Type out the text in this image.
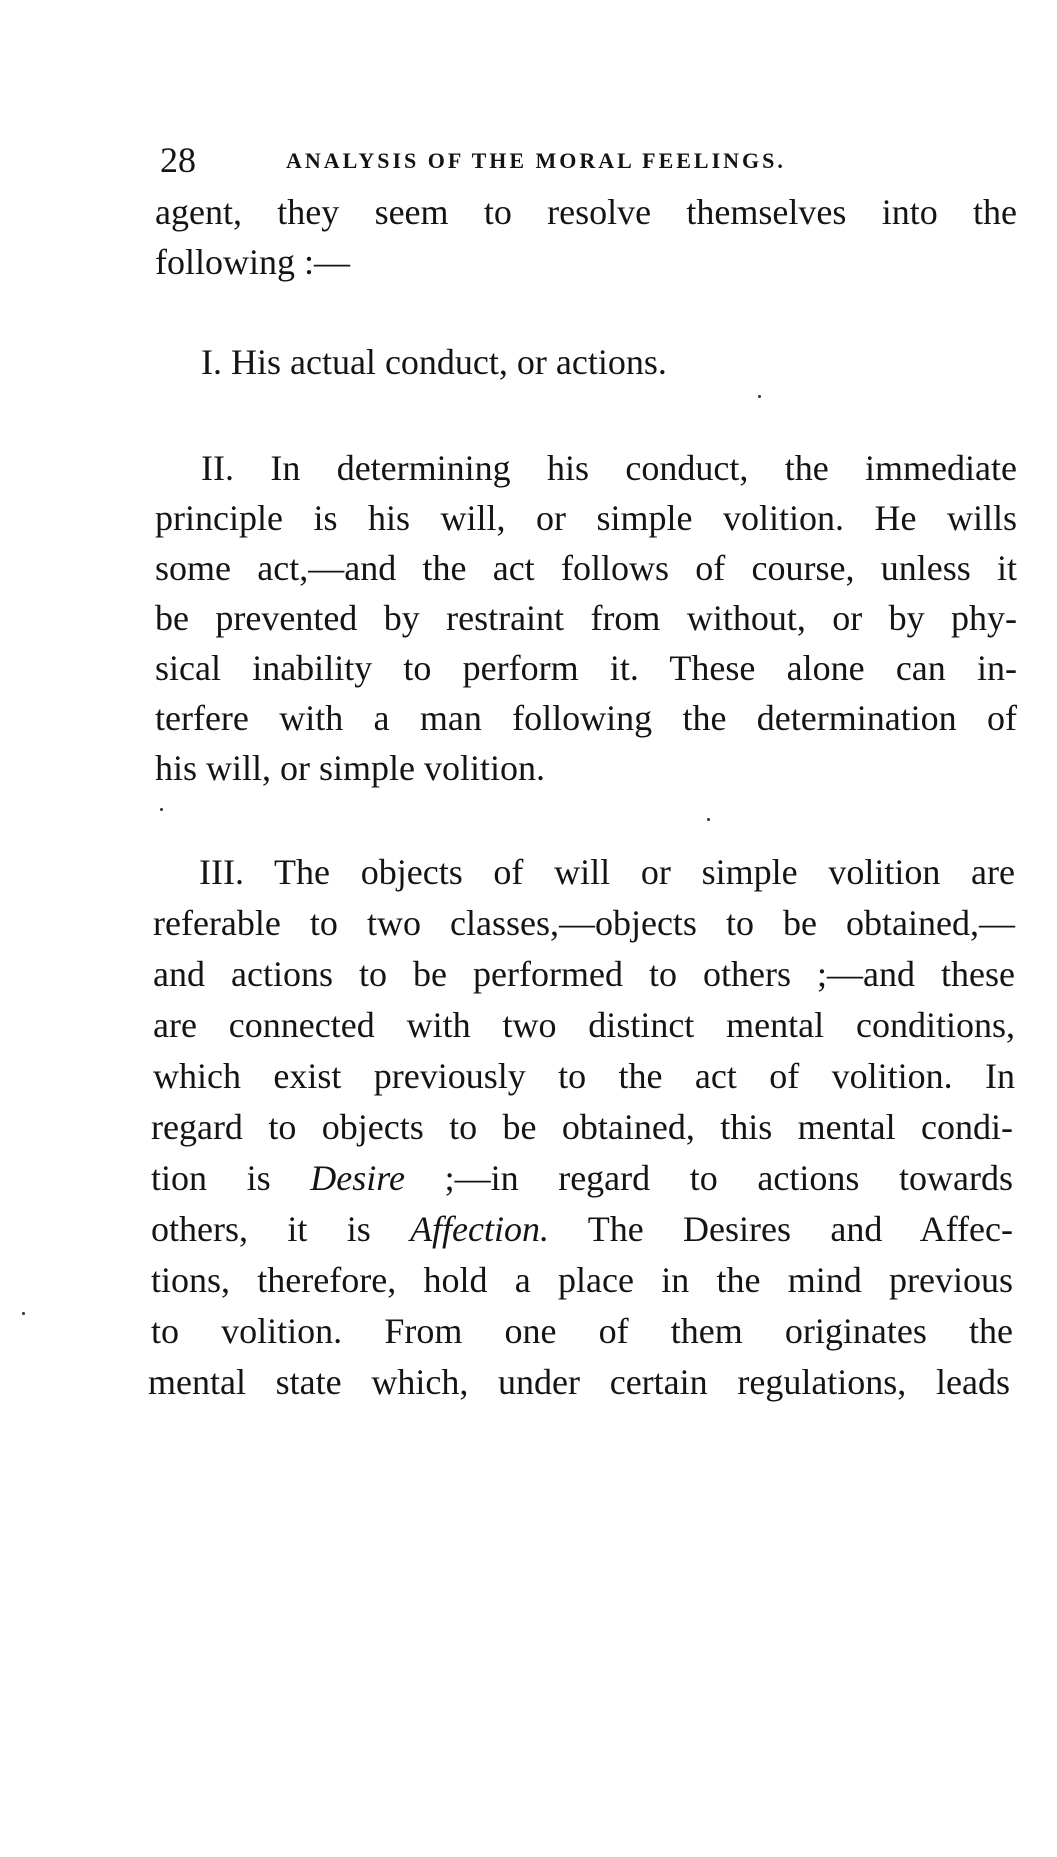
28	ANALYSIS OF THE MORAL FEELINGS.
agent, they seem to resolve themselves into the
following :—
I. His actual conduct, or actions.
II. In determining his conduct, the immediate
principle is his will, or simple volition. He wills
some act,—and the act follows of course, unless it
be prevented by restraint from without, or by phy-
sical inability to perform it. These alone can in-
terfere with a man following the determination of
his will, or simple volition.
III. The objects of will or simple volition are
referable to two classes,—objects to be obtained,—
and actions to be performed to others ;—and these
are connected with two distinct mental conditions,
which exist previously to the act of volition. In
regard to objects to be obtained, this mental condi-
tion is Desire ;—in regard to actions towards
others, it is Affection. The Desires and Affec-
tions, therefore, hold a place in the mind previous
to volition. From one of them originates the
mental state which, under certain regulations, leads
